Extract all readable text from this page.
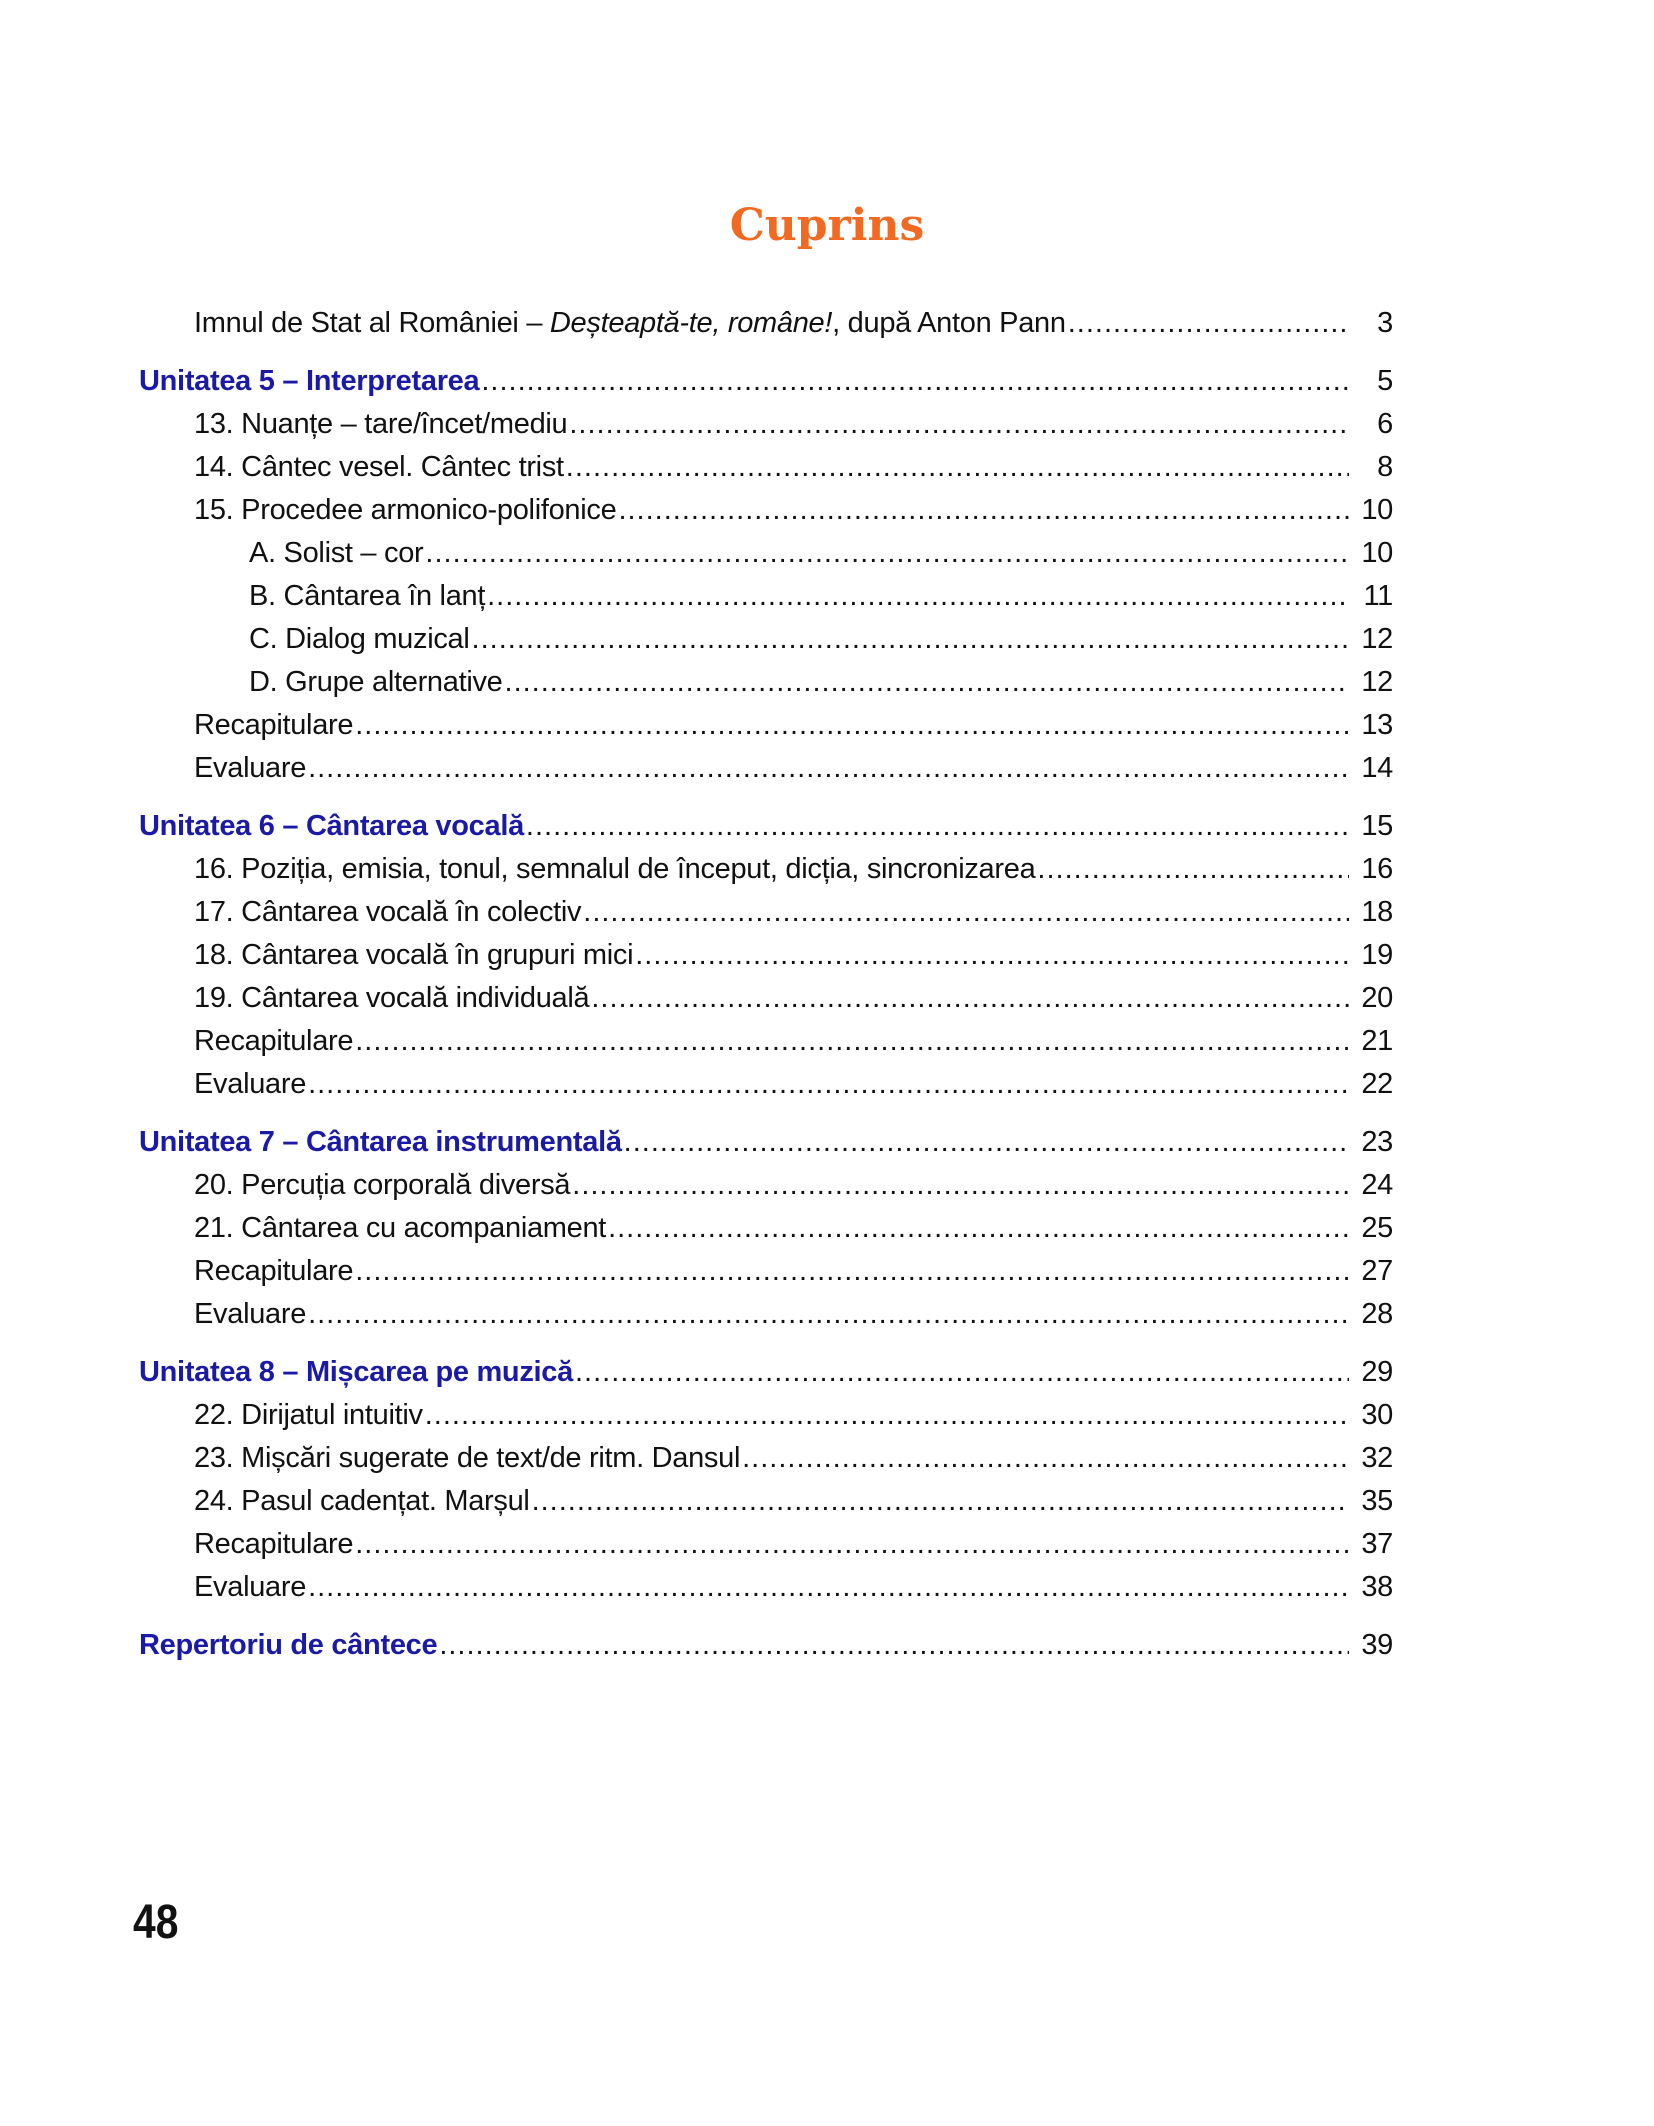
Cuprins
Imnul de Stat al României – Deșteaptă-te, române!, după Anton Pann .....	3
Unitatea 5 – Interpretarea .....	5
13. Nuanțe – tare/încet/mediu .....	6
14. Cântec vesel. Cântec trist .....	8
15. Procedee armonico-polifonice .....	10
A. Solist – cor .....	10
B. Cântarea în lanț .....	11
C. Dialog muzical .....	12
D. Grupe alternative .....	12
Recapitulare .....	13
Evaluare .....	14
Unitatea 6 – Cântarea vocală .....	15
16. Poziția, emisia, tonul, semnalul de început, dicția, sincronizarea .....	16
17. Cântarea vocală în colectiv .....	18
18. Cântarea vocală în grupuri mici .....	19
19. Cântarea vocală individuală .....	20
Recapitulare .....	21
Evaluare .....	22
Unitatea 7 – Cântarea instrumentală .....	23
20. Percuția corporală diversă .....	24
21. Cântarea cu acompaniament .....	25
Recapitulare .....	27
Evaluare .....	28
Unitatea 8 – Mișcarea pe muzică .....	29
22. Dirijatul intuitiv .....	30
23. Mișcări sugerate de text/de ritm. Dansul .....	32
24. Pasul cadențat. Marșul .....	35
Recapitulare .....	37
Evaluare .....	38
Repertoriu de cântece .....	39
48
